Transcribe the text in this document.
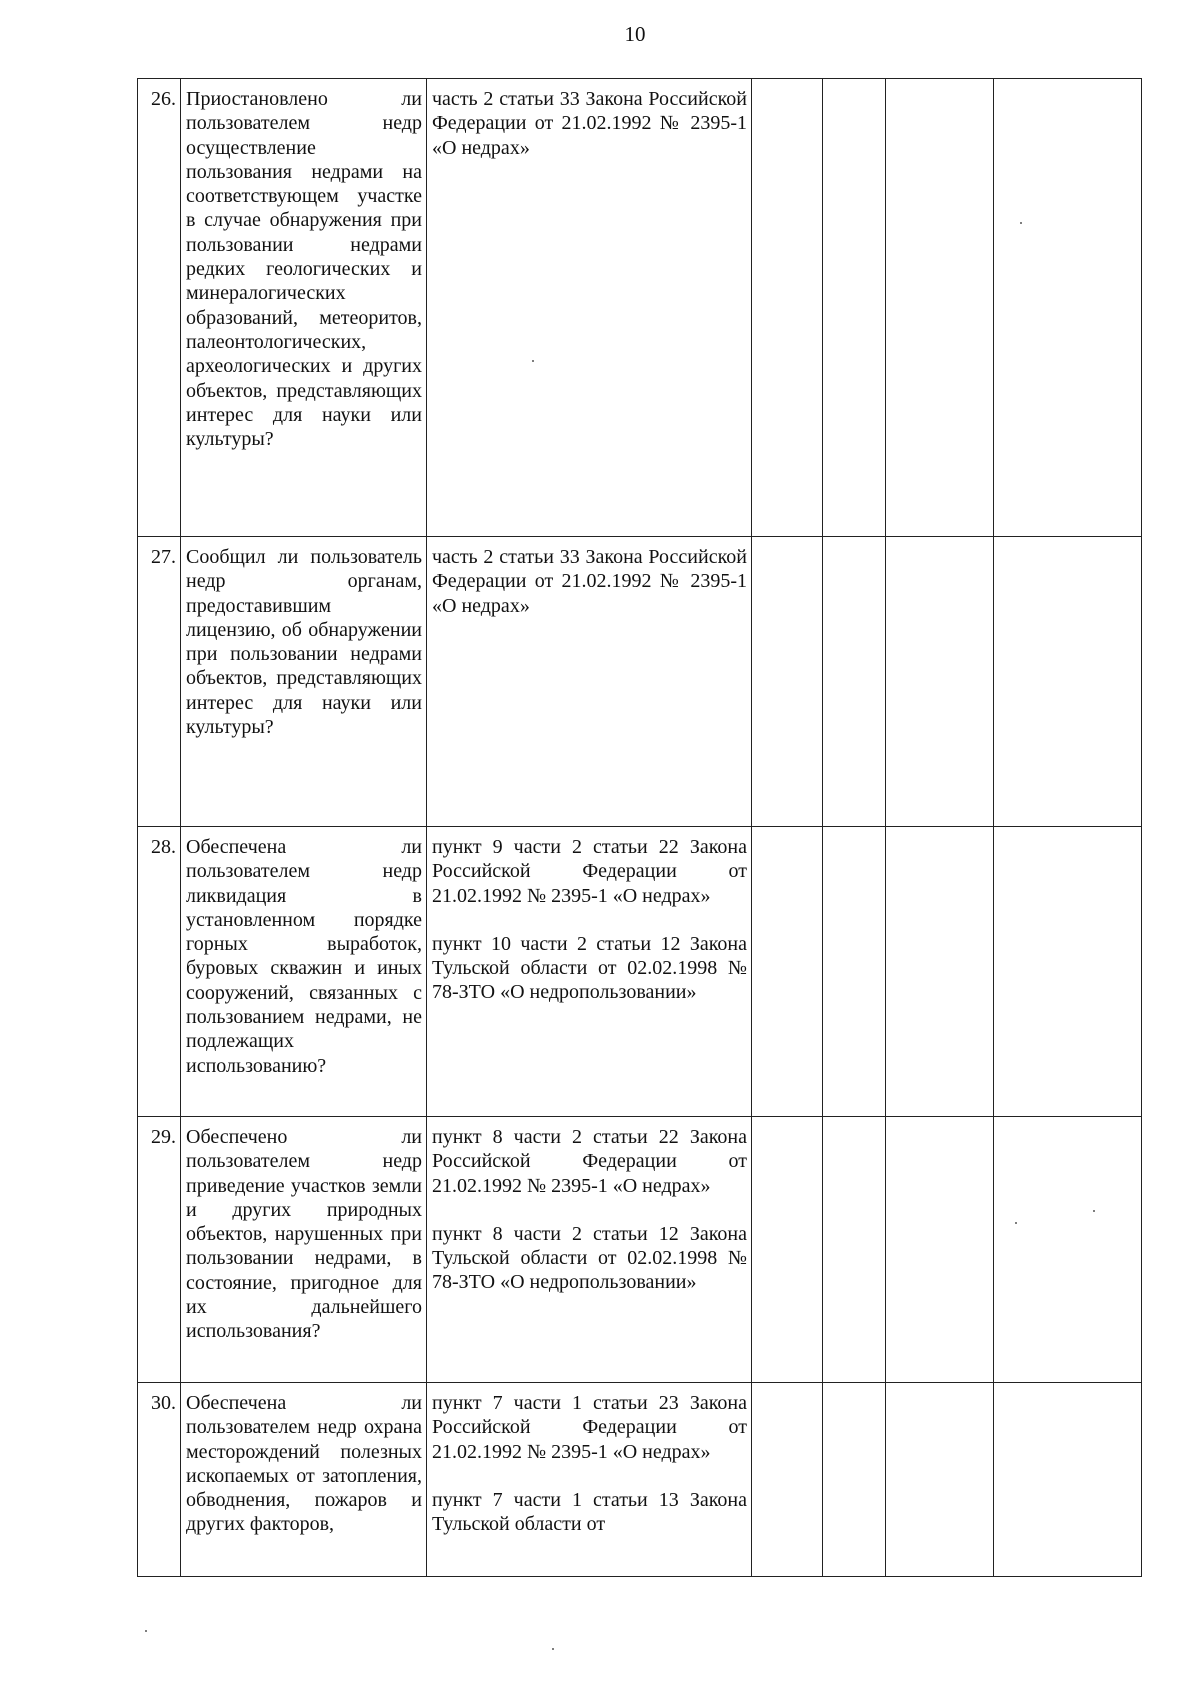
10
26.	Приостановлено ли пользователем недр осуществление пользования недрами на соответствующем участке в случае обнаружения при пользовании недрами редких геологических и минералогических образований, метеоритов, палеонтологических, археологических и других объектов, представляющих интерес для науки или культуры?	часть 2 статьи 33 Закона Российской Федерации от 21.02.1992 № 2395-1 «О недрах»				

27.	Сообщил ли пользователь недр органам, предоставившим лицензию, об обнаружении при пользовании недрами объектов, представляющих интерес для науки или культуры?	часть 2 статьи 33 Закона Российской Федерации от 21.02.1992 № 2395-1 «О недрах»				

28.	Обеспечена ли пользователем недр ликвидация в установленном порядке горных выработок, буровых скважин и иных сооружений, связанных с пользованием недрами, не подлежащих использованию?	пункт 9 части 2 статьи 22 Закона Российской Федерации от 21.02.1992 № 2395-1 «О недрах»
пункт 10 части 2 статьи 12 Закона Тульской области от 02.02.1998 № 78-ЗТО «О недропользовании»				

29.	Обеспечено ли пользователем недр приведение участков земли и других природных объектов, нарушенных при пользовании недрами, в состояние, пригодное для их дальнейшего использования?	пункт 8 части 2 статьи 22 Закона Российской Федерации от 21.02.1992 № 2395-1 «О недрах»
пункт 8 части 2 статьи 12 Закона Тульской области от 02.02.1998 № 78-ЗТО «О недропользовании»				

30.	Обеспечена ли пользователем недр охрана месторождений полезных ископаемых от затопления, обводнения, пожаров и других факторов,	пункт 7 части 1 статьи 23 Закона Российской Федерации от 21.02.1992 № 2395-1 «О недрах»
пункт 7 части 1 статьи 13 Закона Тульской области от				
